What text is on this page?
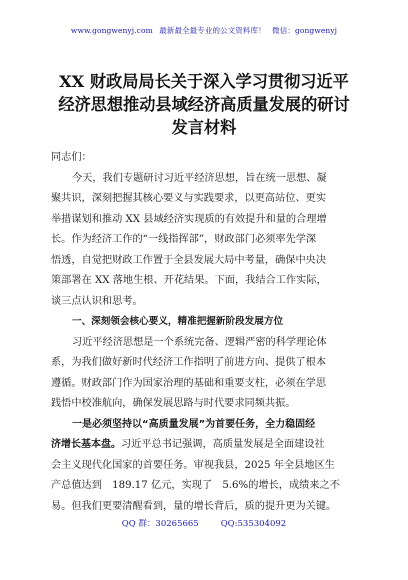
www.gongwenyj.com 最新最全最专业的公文资料库！ 微信：gongwenyj
XX 财政局局长关于深入学习贯彻习近平
经济思想推动县域经济高质量发展的研讨
发言材料
同志们：
今天，我们专题研讨习近平经济思想，旨在统一思想、凝
聚共识，深刻把握其核心要义与实践要求，以更高站位、更实
举措谋划和推动 XX 县域经济实现质的有效提升和量的合理增
长。作为经济工作的“一线指挥部”，财政部门必须率先学深
悟透，自觉把财政工作置于全县发展大局中考量，确保中央决
策部署在 XX 落地生根、开花结果。下面，我结合工作实际，
谈三点认识和思考。
一、深刻领会核心要义，精准把握新阶段发展方位
习近平经济思想是一个系统完备、逻辑严密的科学理论体
系，为我们做好新时代经济工作指明了前进方向、提供了根本
遵循。财政部门作为国家治理的基础和重要支柱，必须在学思
践悟中校准航向，确保发展思路与时代要求同频共振。
一是必须坚持以“高质量发展”为首要任务，全力稳固经
济增长基本盘。习近平总书记强调，高质量发展是全面建设社
会主义现代化国家的首要任务。审视我县，2025 年全县地区生
产总值达到　189.17 亿元，实现了　5.6%的增长，成绩来之不
易。但我们更要清醒看到，量的增长背后，质的提升更为关键。
QQ 群：30265665	QQ:535304092
